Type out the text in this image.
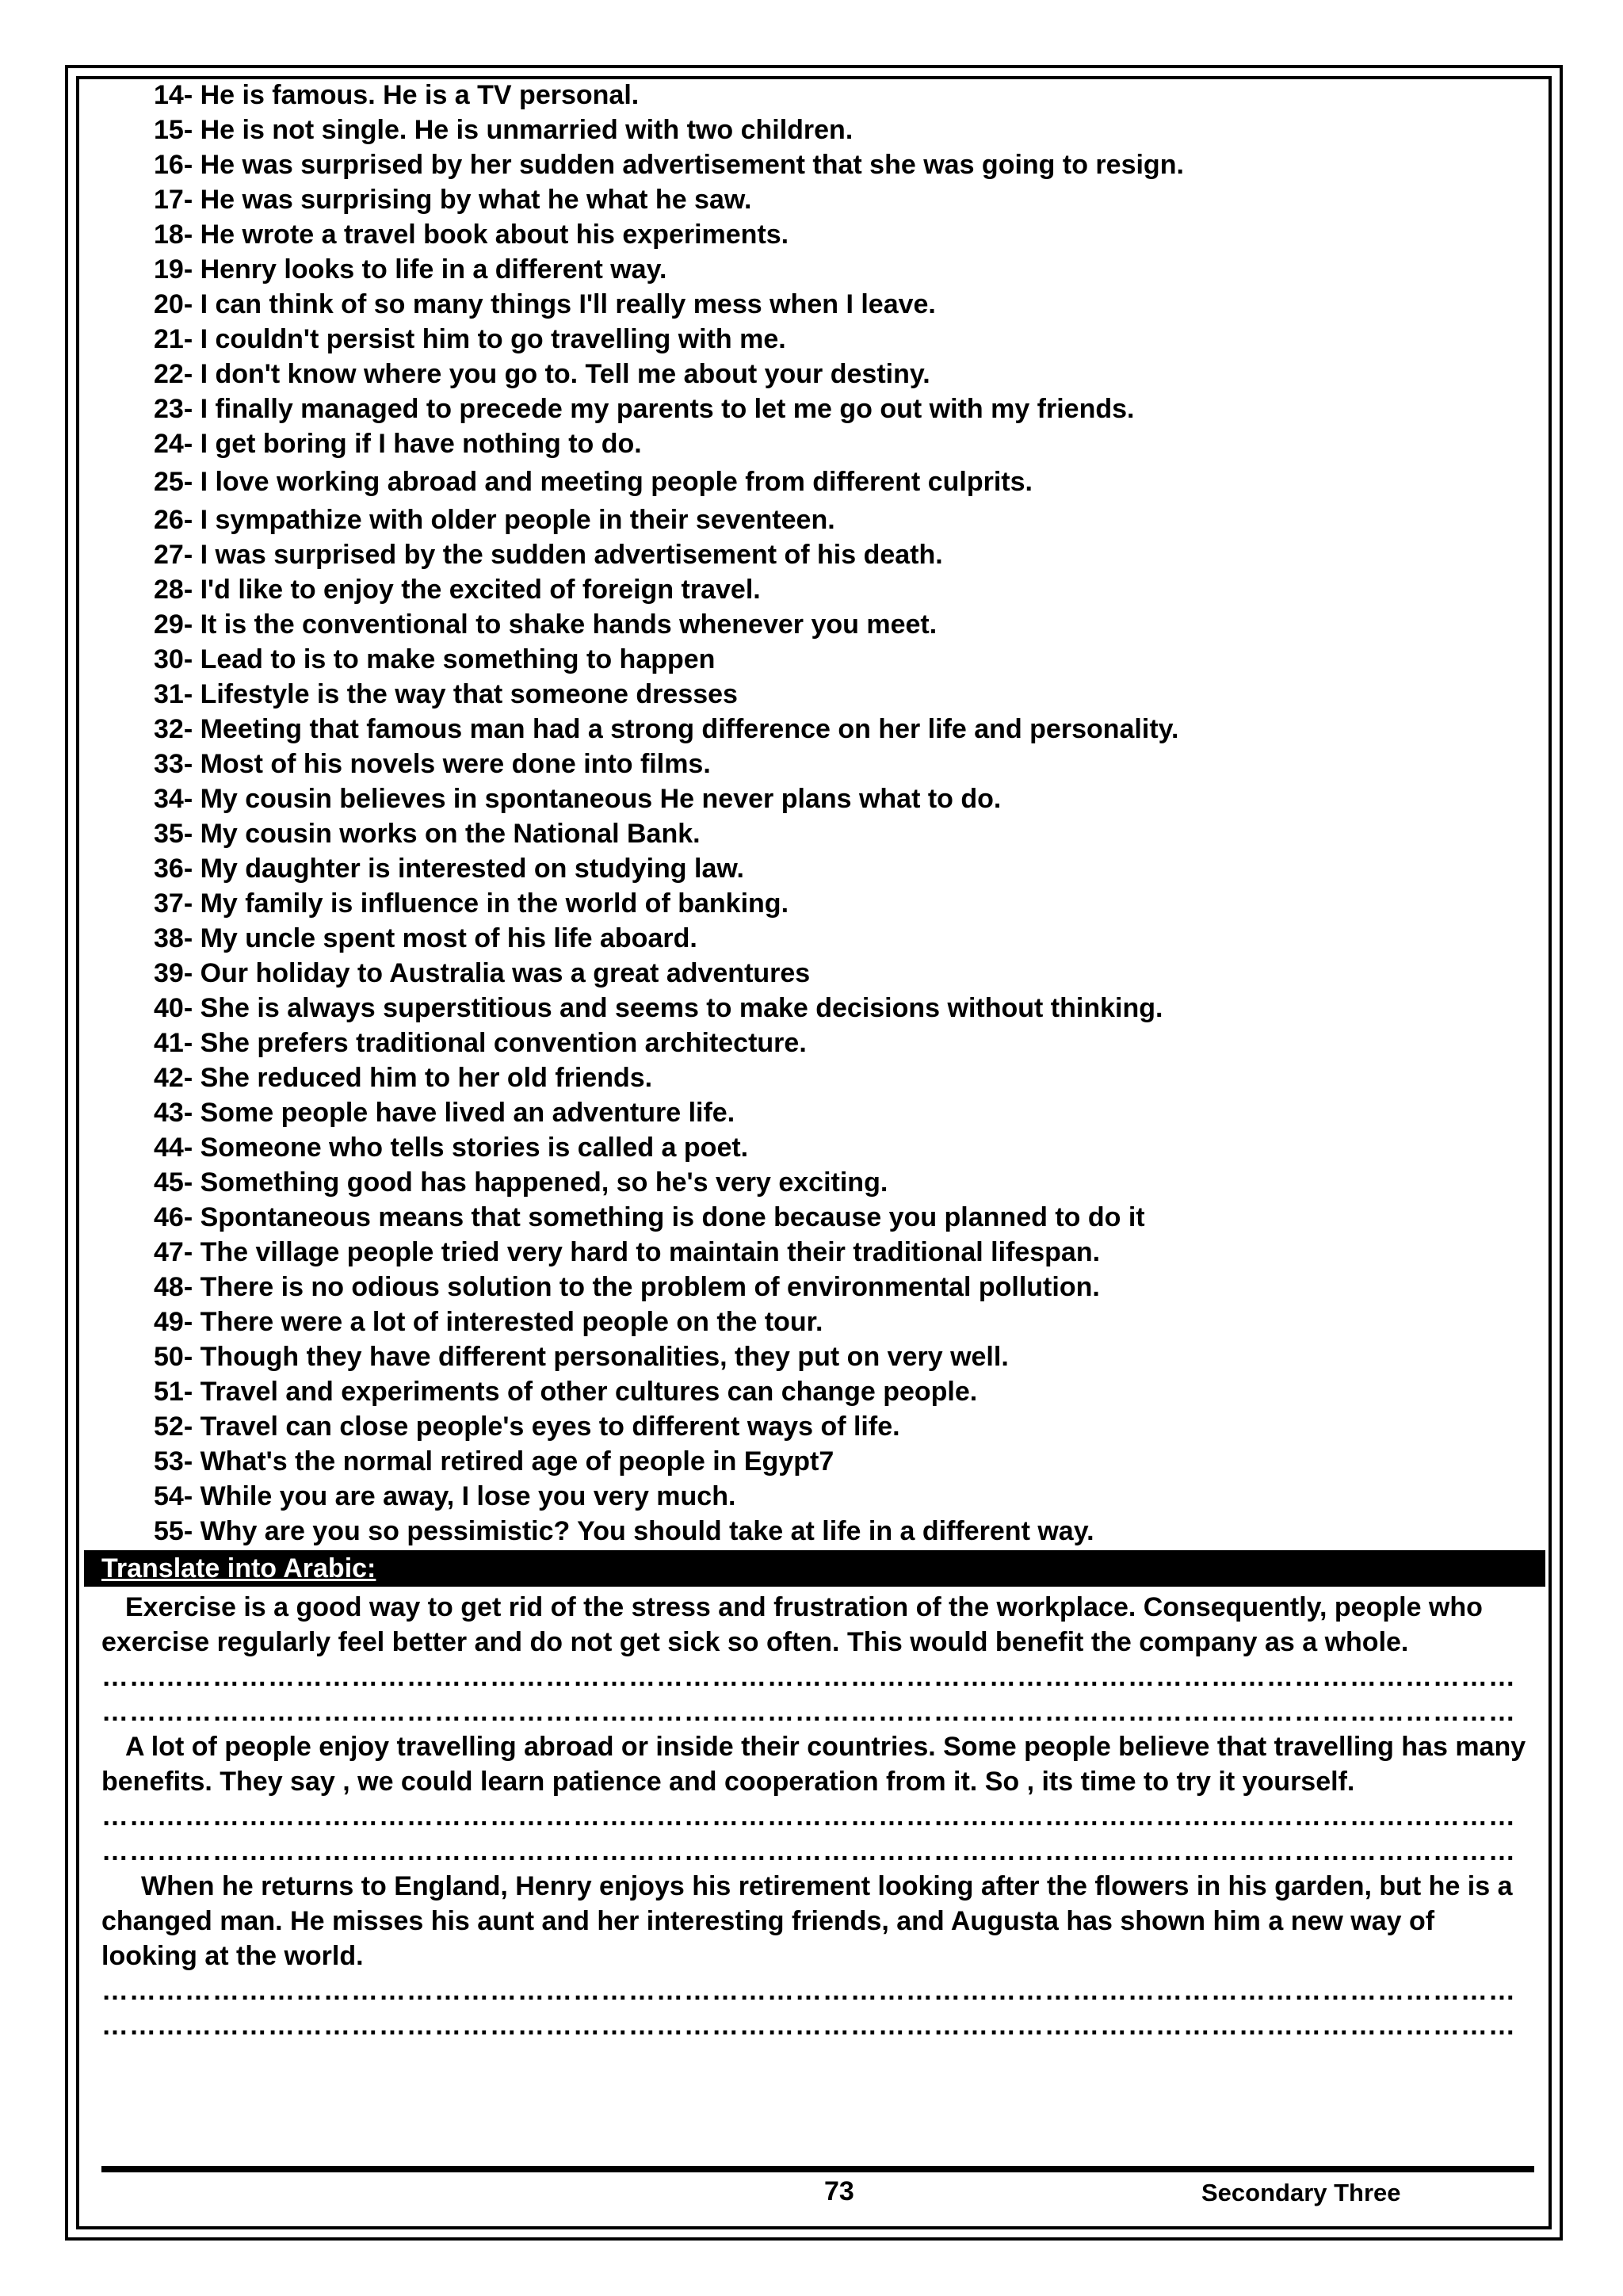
14- He is famous. He is a TV personal.
15- He is not single. He is unmarried with two children.
16- He was surprised by her sudden advertisement that she was going to resign.
17- He was surprising by what he what he saw.
18- He wrote a travel book about his experiments.
19- Henry looks to life in a different way.
20- I can think of so many things I'll really mess when I leave.
21- I couldn't persist him to go travelling with me.
22- I don't know where you go to. Tell me about your destiny.
23- I finally managed to precede my parents to let me go out with my friends.
24- I get boring if I have nothing to do.
25- I love working abroad and meeting people from different culprits.
26- I sympathize with older people in their seventeen.
27- I was surprised by the sudden advertisement of his death.
28- I'd like to enjoy the excited of foreign travel.
29- It is the conventional to shake hands whenever you meet.
30- Lead to is to make something to happen
31- Lifestyle is the way that someone dresses
32- Meeting that famous man had a strong difference on her life and personality.
33- Most of his novels were done into films.
34- My cousin believes in spontaneous He never plans what to do.
35- My cousin works on the National Bank.
36- My daughter is interested on studying law.
37- My family is influence in the world of banking.
38- My uncle spent most of his life aboard.
39- Our holiday to Australia was a great adventures
40- She is always superstitious and seems to make decisions without thinking.
41- She prefers traditional convention architecture.
42- She reduced him to her old friends.
43- Some people have lived an adventure life.
44- Someone who tells stories is called a poet.
45- Something good has happened, so he's very exciting.
46- Spontaneous means that something is done because you planned to do it
47- The village people tried very hard to maintain their traditional lifespan.
48- There is no odious solution to the problem of environmental pollution.
49- There were a lot of interested people on the tour.
50- Though they have different personalities, they put on very well.
51- Travel and experiments of other cultures can change people.
52- Travel can close people's eyes to different ways of life.
53- What's the normal retired age of people in Egypt7
54- While you are away, I lose you very much.
55- Why are you so pessimistic? You should take at life in a different way.
Translate into Arabic:

Exercise is a good way to get rid of the stress and frustration of the workplace. Consequently, people who exercise regularly feel better and do not get sick so often. This would benefit the company as a whole.

………………………………………………………………………………………………………………………………………
………………………………………………………………………………………………………………………………………

A lot of people enjoy travelling abroad or inside their countries. Some people believe that travelling has many benefits. They say , we could learn patience and cooperation from it. So , its time to try it yourself.

………………………………………………………………………………………………………………………………………
………………………………………………………………………………………………………………………………………

When he returns to England, Henry enjoys his retirement looking after the flowers in his garden, but he is a changed man. He misses his aunt and her interesting friends, and Augusta has shown him a new way of looking at the world.

………………………………………………………………………………………………………………………………………
………………………………………………………………………………………………………………………………………
73	Secondary Three
